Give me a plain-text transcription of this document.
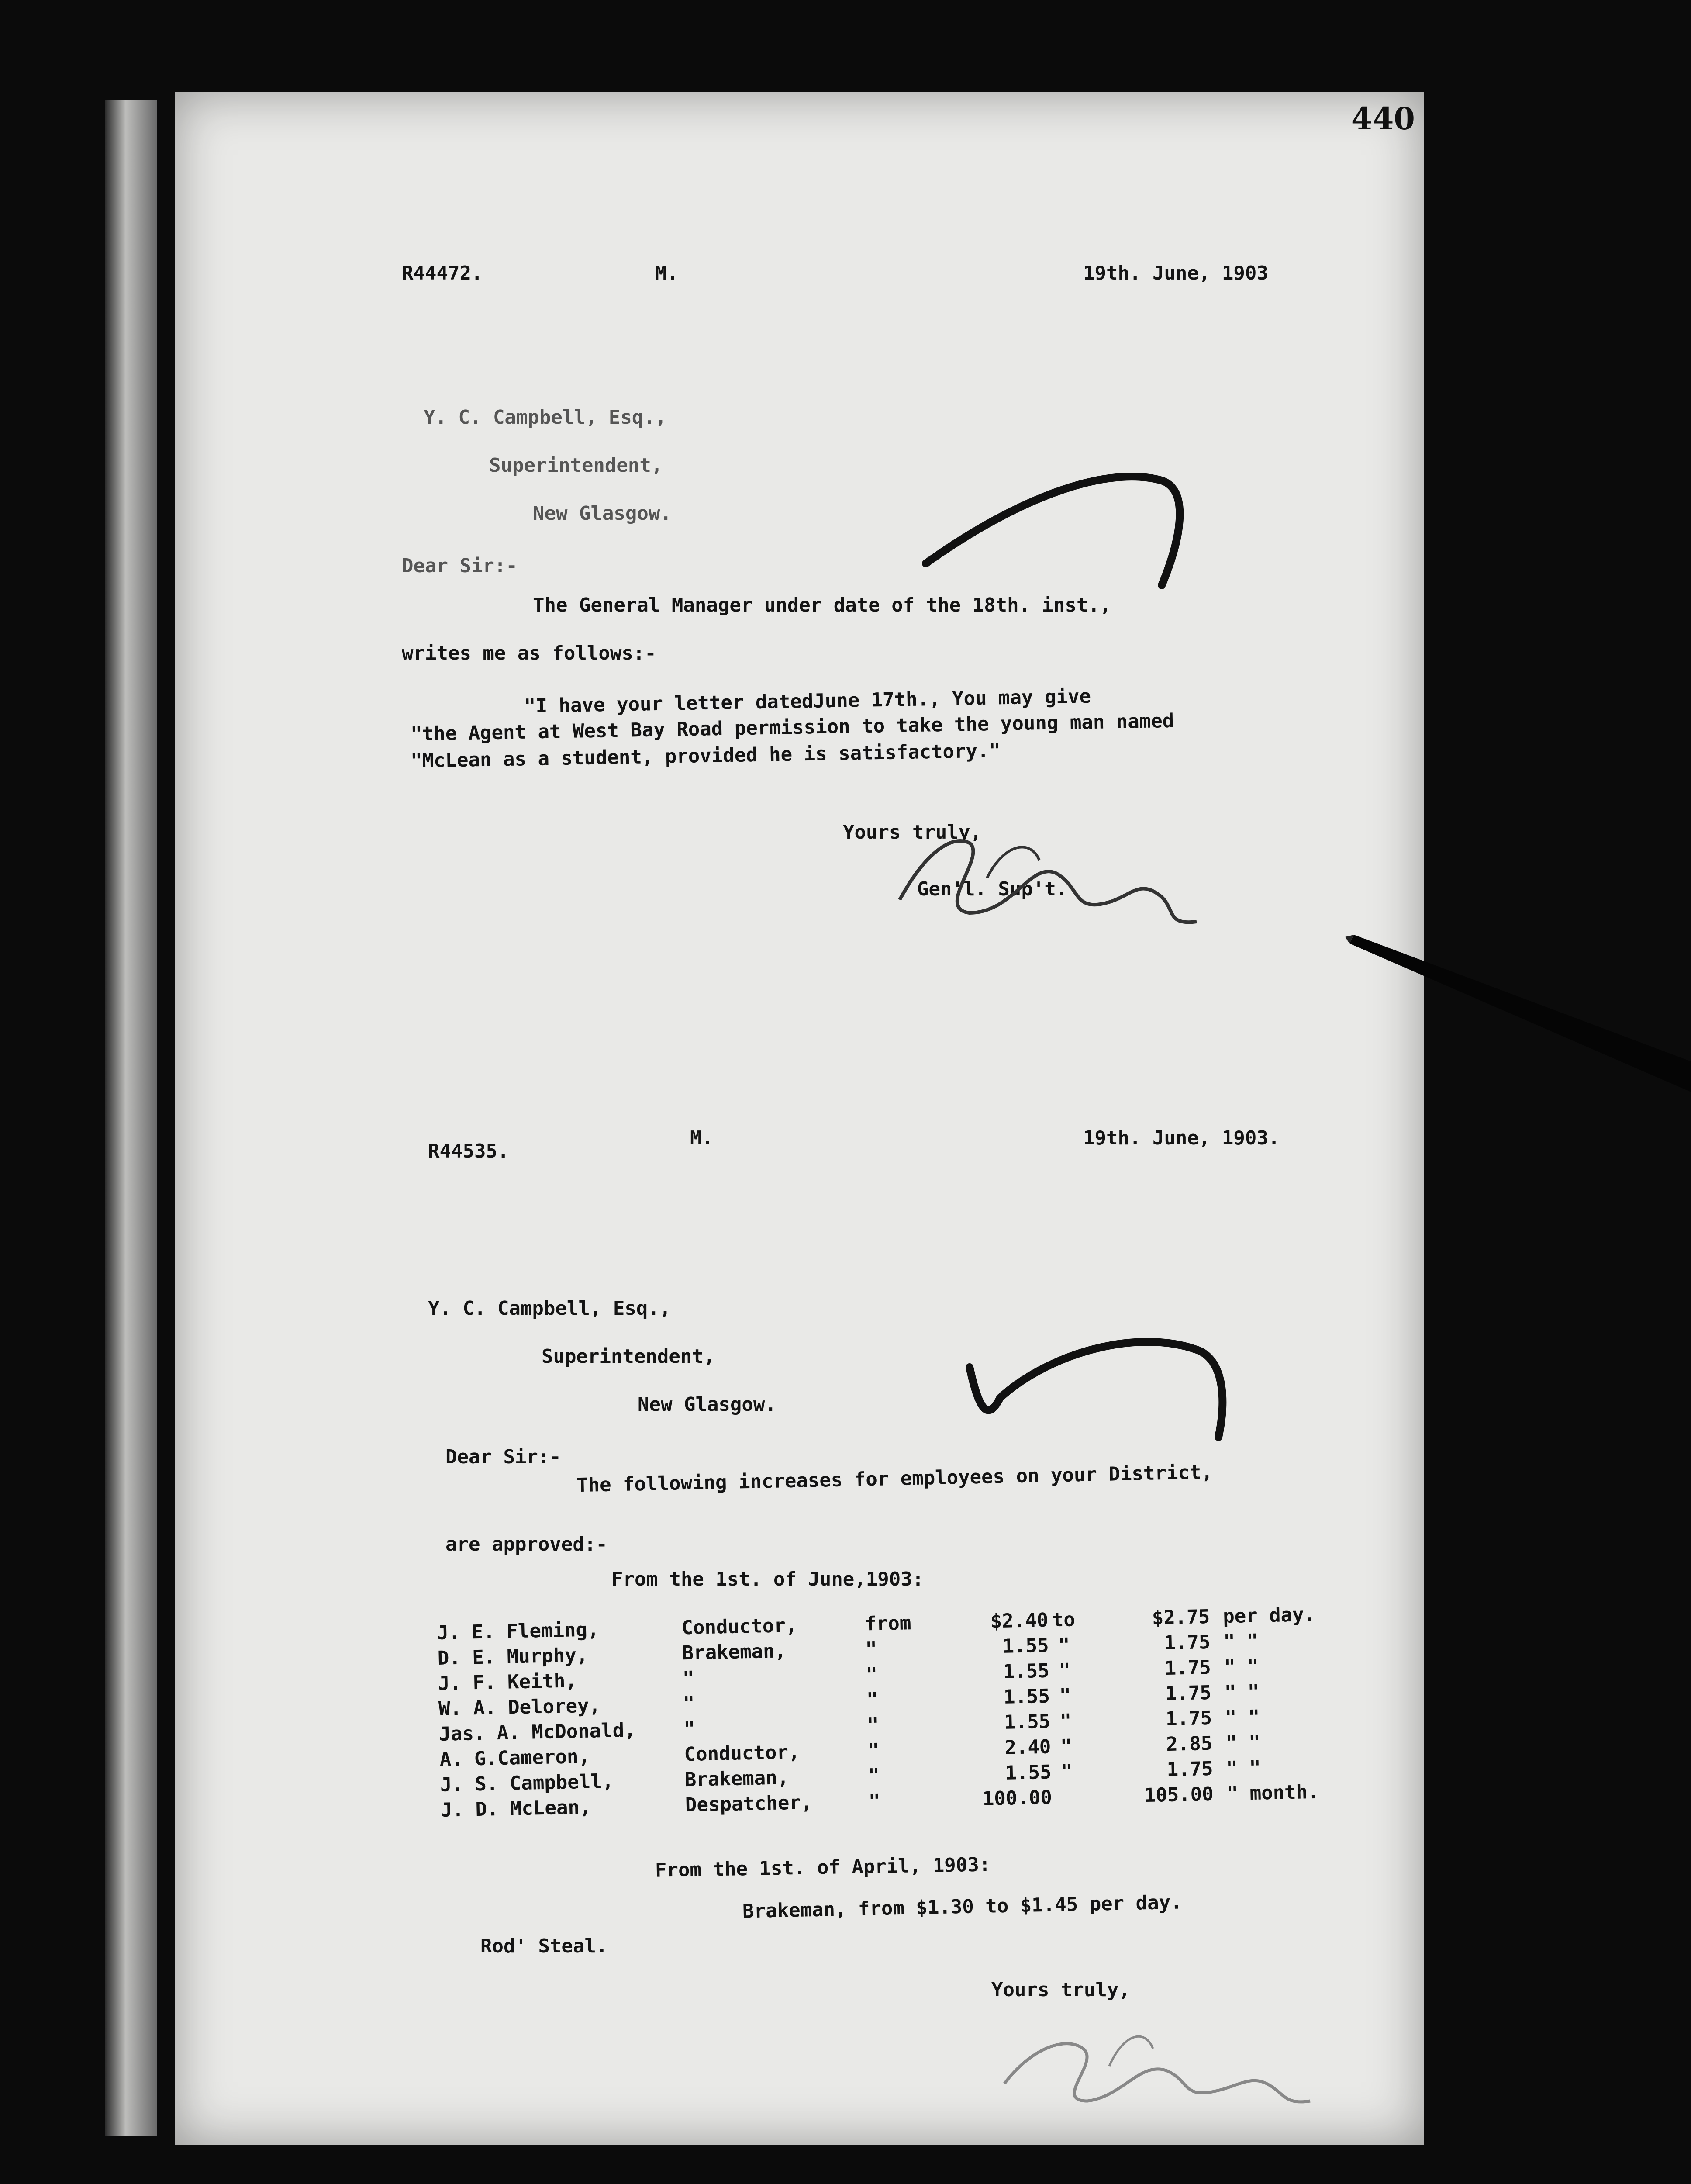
440
R44472.	M.	19th. June, 1903
Y. C. Campbell, Esq.,
Superintendent,
New Glasgow.
Dear Sir:-
The General Manager under date of the 18th. inst.,
writes me as follows:-
"I have your letter datedJune 17th., You may give
"the Agent at West Bay Road permission to take the young man named
"McLean as a student, provided he is satisfactory."
Yours truly,
Gen'l. Sup't.
R44535.
M.	19th. June, 1903.
Y. C. Campbell, Esq.,
Superintendent,
New Glasgow.
Dear Sir:-
The following increases for employees on your District,
are approved:-
From the 1st. of June,1903:
J. E. Fleming,	Conductor,	from	$2.40 to	$2.75 per day.
D. E. Murphy,	Brakeman,	"	1.55 "	1.75 " "
J. F. Keith,	"	"	1.55 "	1.75 " "
W. A. Delorey,	"	"	1.55 "	1.75 " "
Jas. A. McDonald,	"	"	1.55 "	1.75 " "
A. G.Cameron,	Conductor,	"	2.40 "	2.85 " "
J. S. Campbell,	Brakeman,	"	1.55 "	1.75 " "
J. D. McLean,	Despatcher,	"	100.00	105.00 " month.
From the 1st. of April, 1903:
Rod' Steal.
Brakeman, from $1.30 to $1.45 per day.
Yours truly,
